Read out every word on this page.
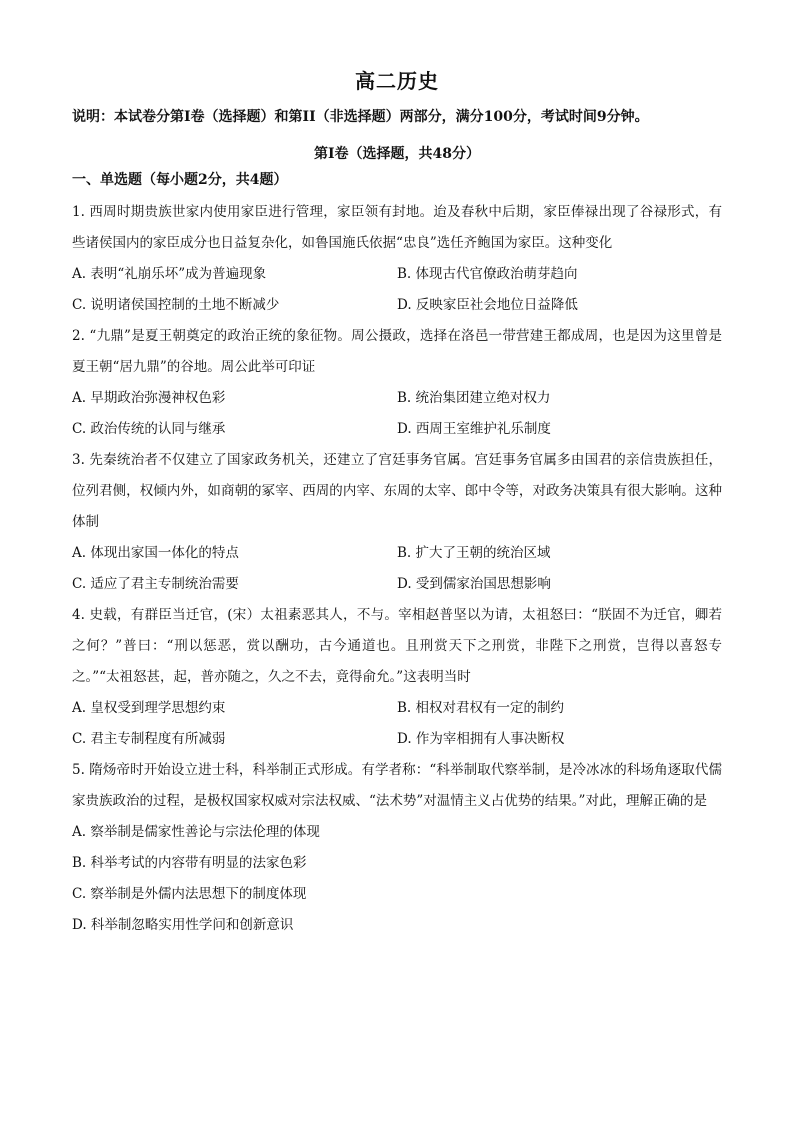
高二历史
说明：本试卷分第Ⅰ卷（选择题）和第II（非选择题）两部分，满分100分，考试时间9分钟。
第Ⅰ卷（选择题，共48分）
一、单选题（每小题2分，共4题）
1. 西周时期贵族世家内使用家臣进行管理，家臣领有封地。迨及春秋中后期，家臣俸禄出现了谷禄形式，有些诸侯国内的家臣成分也日益复杂化，如鲁国施氏依据“忠良”选任齐鲍国为家臣。这种变化
A. 表明“礼崩乐坏”成为普遍现象	B. 体现古代官僚政治萌芽趋向
C. 说明诸侯国控制的土地不断减少	D. 反映家臣社会地位日益降低
2. “九鼎”是夏王朝奠定的政治正统的象征物。周公摄政，选择在洛邑一带营建王都成周，也是因为这里曾是夏王朝“居九鼎”的谷地。周公此举可印证
A. 早期政治弥漫神权色彩	B. 统治集团建立绝对权力
C. 政治传统的认同与继承	D. 西周王室维护礼乐制度
3. 先秦统治者不仅建立了国家政务机关，还建立了宫廷事务官属。宫廷事务官属多由国君的亲信贵族担任，位列君侧，权倾内外，如商朝的冢宰、西周的内宰、东周的太宰、郎中令等，对政务决策具有很大影响。这种体制
A. 体现出家国一体化的特点	B. 扩大了王朝的统治区域
C. 适应了君主专制统治需要	D. 受到儒家治国思想影响
4. 史载，有群臣当迁官，(宋）太祖素恶其人，不与。宰相赵普坚以为请，太祖怒曰：“朕固不为迁官，卿若之何？”普曰：“刑以惩恶，赏以酬功，古今通道也。且刑赏天下之刑赏，非陛下之刑赏，岂得以喜怒专之。”“太祖怒甚，起，普亦随之，久之不去，竟得俞允。”这表明当时
A. 皇权受到理学思想约束	B. 相权对君权有一定的制约
C. 君主专制程度有所减弱	D. 作为宰相拥有人事决断权
5. 隋炀帝时开始设立进士科，科举制正式形成。有学者称：“科举制取代察举制，是冷冰冰的科场角逐取代儒家贵族政治的过程，是极权国家权威对宗法权威、“法术势”对温情主义占优势的结果。”对此，理解正确的是
A. 察举制是儒家性善论与宗法伦理的体现
B. 科举考试的内容带有明显的法家色彩
C. 察举制是外儒内法思想下的制度体现
D. 科举制忽略实用性学问和创新意识
